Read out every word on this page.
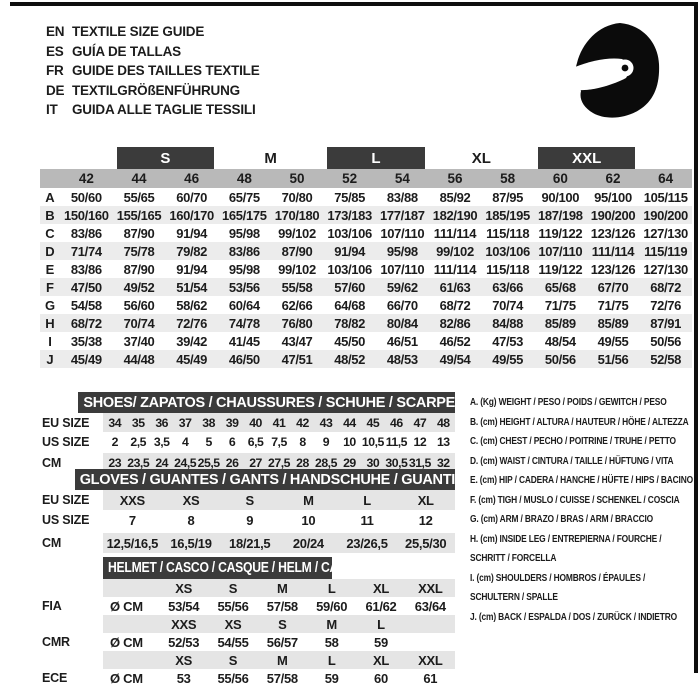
EN TEXTILE SIZE GUIDE
ES GUÍA DE TALLAS
FR GUIDE DES TAILLES TEXTILE
DE TEXTILGRÖßENFÜHRUNG
IT	GUIDA ALLE TAGLIE TESSILI
S	M	L	XL	XXL
42	44	46	48	50	52	54	56	58	60	62	64
A	50/60	55/65	60/70	65/75	70/80	75/85	83/88	85/92	87/95	90/100	95/100 105/115
B 150/160 155/165 160/170 165/175 170/180 173/183 177/187 182/190 185/195 187/198 190/200 190/200
C	83/86	87/90	91/94	95/98	99/102 103/106 107/110 111/114 115/118 119/122 123/126 127/130
D	71/74	75/78	79/82	83/86	87/90	91/94	95/98	99/102 103/106 107/110 111/114 115/119
E	83/86	87/90	91/94	95/98	99/102 103/106 107/110 111/114 115/118 119/122 123/126 127/130
F	47/50	49/52	51/54	53/56	55/58	57/60	59/62	61/63	63/66	65/68	67/70	68/72
G	54/58	56/60	58/62	60/64	62/66	64/68	66/70	68/72	70/74	71/75	71/75	72/76
H	68/72	70/74	72/76	74/78	76/80	78/82	80/84	82/86	84/88	85/89	85/89	87/91
I	35/38	37/40	39/42	41/45	43/47	45/50	46/51	46/52	47/53	48/54	49/55	50/56
J	45/49	44/48	45/49	46/50	47/51	48/52	48/53	49/54	49/55	50/56	51/56	52/58
SHOES/ ZAPATOS / CHAUSSURES / SCHUHE / SCARPE
EU SIZE	34 35 36 37 38 39 40 41 42 43 44 45 46 47 48
US SIZE	2	2,5 3,5	4	5	6	6,5 7,5	8	9	10 10,5 11,5 12 13
CM	23 23,5 24 24,5 25,5 26 27 27,5 28 28,5 29 30 30,5 31,5 32
GLOVES / GUANTES / GANTS / HANDSCHUHE / GUANTI
EU SIZE	XXS	XS	S	M	L	XL
US SIZE	7	8	9	10	11	12
CM	12,5/16,5 16,5/19	18/21,5	20/24	23/26,5	25,5/30
HELMET / CASCO / CASQUE / HELM / CASCO
XS	S	M	L	XL	XXL
FIA	Ø CM	53/54	55/56	57/58	59/60	61/62	63/64
XXS	XS	S	M	L
CMR	Ø CM	52/53	54/55	56/57	58	59
XS	S	M	L	XL	XXL
ECE	Ø CM	53	55/56	57/58	59	60	61
A. (Kg) WEIGHT / PESO / POIDS / GEWITCH / PESO
B. (cm) HEIGHT / ALTURA / HAUTEUR / HÖHE / ALTEZZA
C. (cm) CHEST / PECHO / POITRINE / TRUHE / PETTO
D. (cm) WAIST / CINTURA / TAILLE / HÜFTUNG / VITA
E. (cm) HIP / CADERA / HANCHE / HÜFTE / HIPS / BACINO
F. (cm) TIGH / MUSLO / CUISSE / SCHENKEL / COSCIA
G. (cm) ARM / BRAZO / BRAS / ARM / BRACCIO
H. (cm) INSIDE LEG / ENTREPIERNA / FOURCHE /
SCHRITT / FORCELLA
I. (cm) SHOULDERS / HOMBROS / ÉPAULES /
SCHULTERN / SPALLE
J. (cm) BACK / ESPALDA / DOS / ZURÜCK / INDIETRO
